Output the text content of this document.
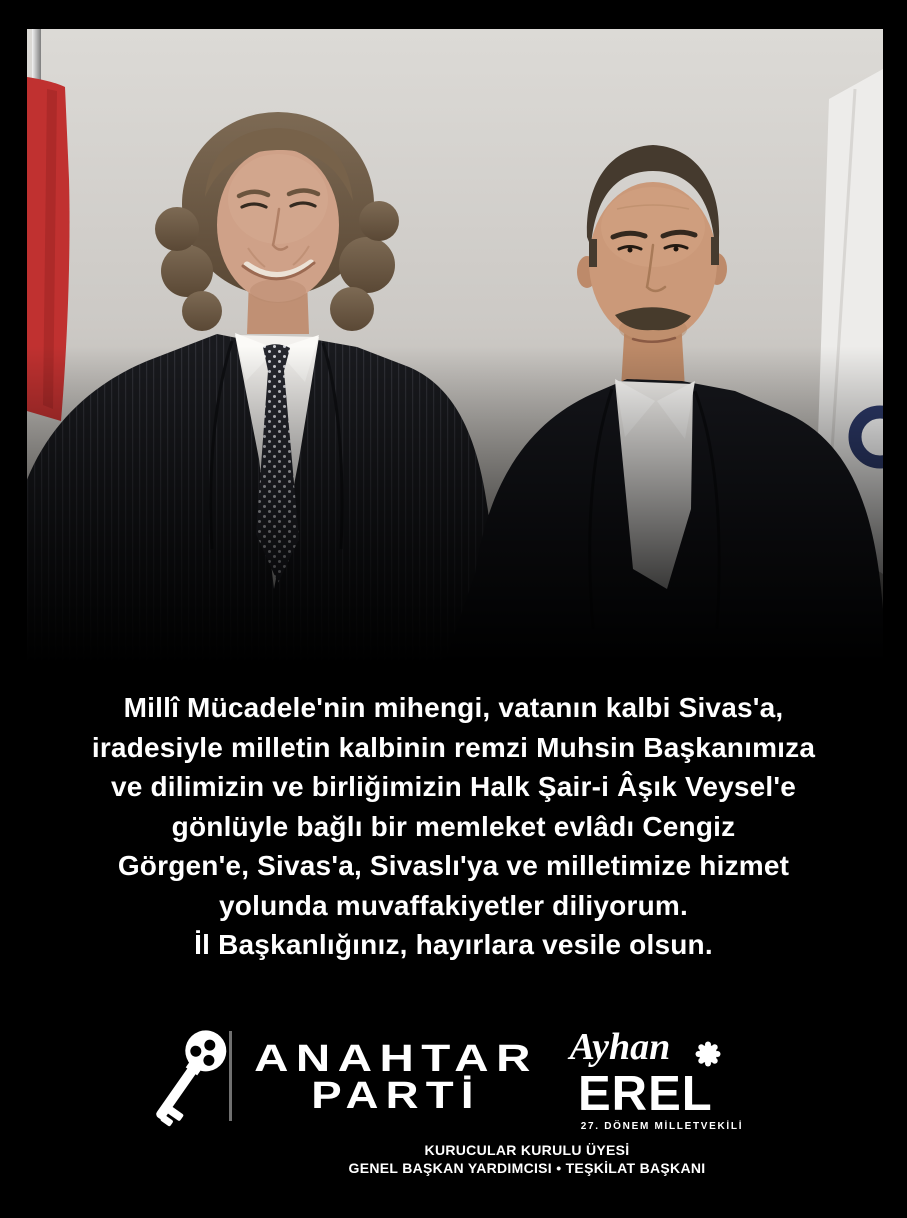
Millî Mücadele'nin mihengi, vatanın kalbi Sivas'a,
iradesiyle milletin kalbinin remzi Muhsin Başkanımıza
ve dilimizin ve birliğimizin Halk Şair-i Âşık Veysel'e
gönlüyle bağlı bir memleket evlâdı Cengiz
Görgen'e, Sivas'a, Sivaslı'ya ve milletimize hizmet
yolunda muvaffakiyetler diliyorum.
İl Başkanlığınız, hayırlara vesile olsun.
ANAHTAR
PARTİ
Ayhan
EREL
27. DÖNEM MİLLETVEKİLİ
KURUCULAR KURULU ÜYESİ
GENEL BAŞKAN YARDIMCISI • TEŞKİLAT BAŞKANI
